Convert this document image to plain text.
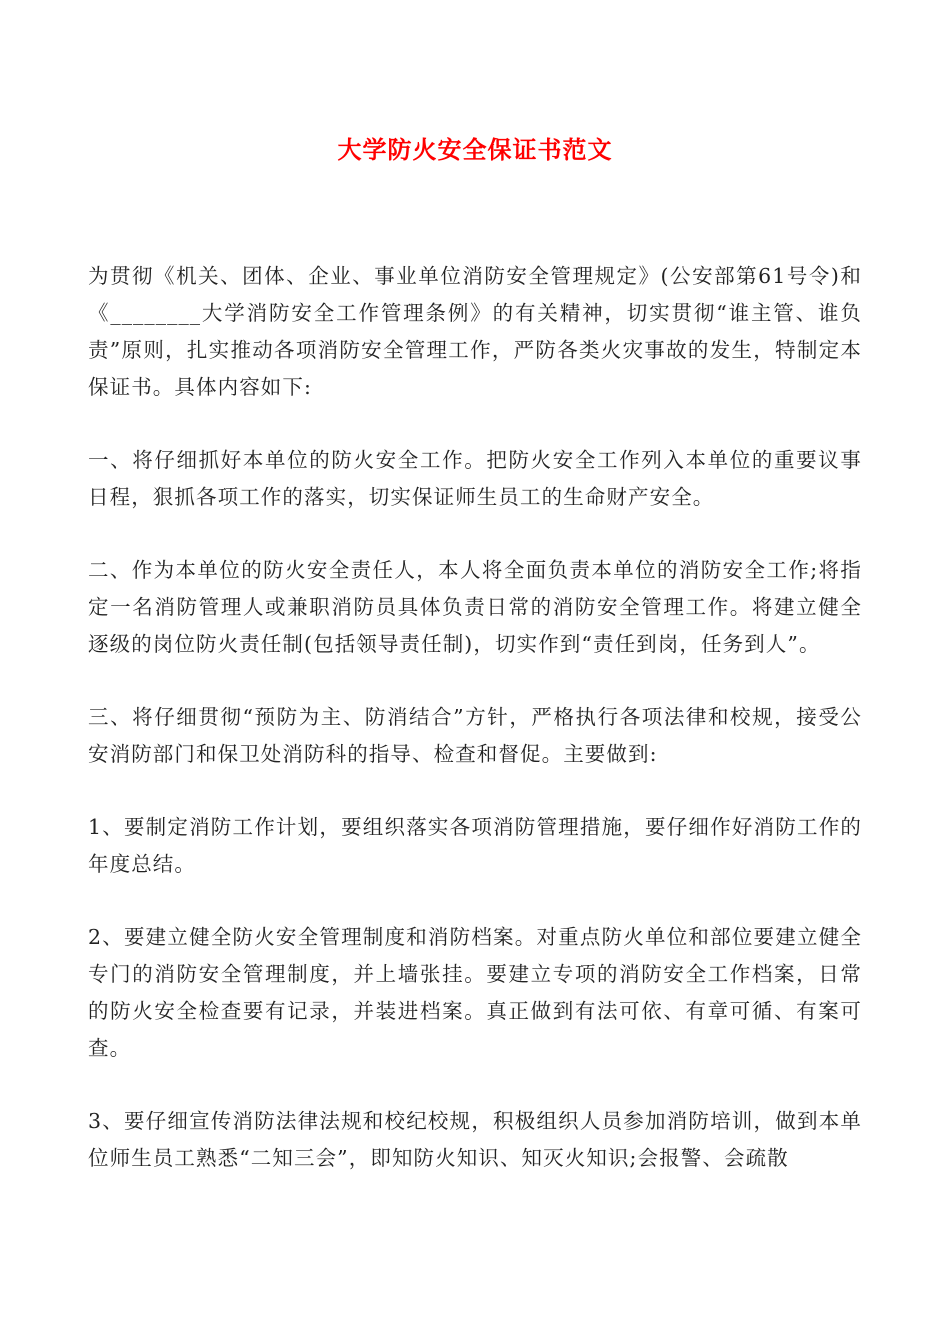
大学防火安全保证书范文

为贯彻《机关、团体、企业、事业单位消防安全管理规定》(公安部第61号令)和《________大学消防安全工作管理条例》的有关精神，切实贯彻“谁主管、谁负责”原则，扎实推动各项消防安全管理工作，严防各类火灾事故的发生，特制定本保证书。具体内容如下:

一、将仔细抓好本单位的防火安全工作。把防火安全工作列入本单位的重要议事日程，狠抓各项工作的落实，切实保证师生员工的生命财产安全。

二、作为本单位的防火安全责任人，本人将全面负责本单位的消防安全工作;将指定一名消防管理人或兼职消防员具体负责日常的消防安全管理工作。将建立健全逐级的岗位防火责任制(包括领导责任制)，切实作到“责任到岗，任务到人”。

三、将仔细贯彻“预防为主、防消结合”方针，严格执行各项法律和校规，接受公安消防部门和保卫处消防科的指导、检查和督促。主要做到:

1、要制定消防工作计划，要组织落实各项消防管理措施，要仔细作好消防工作的年度总结。

2、要建立健全防火安全管理制度和消防档案。对重点防火单位和部位要建立健全专门的消防安全管理制度，并上墙张挂。要建立专项的消防安全工作档案，日常的防火安全检查要有记录，并装进档案。真正做到有法可依、有章可循、有案可查。

3、要仔细宣传消防法律法规和校纪校规，积极组织人员参加消防培训，做到本单位师生员工熟悉“二知三会”，即知防火知识、知灭火知识;会报警、会疏散
